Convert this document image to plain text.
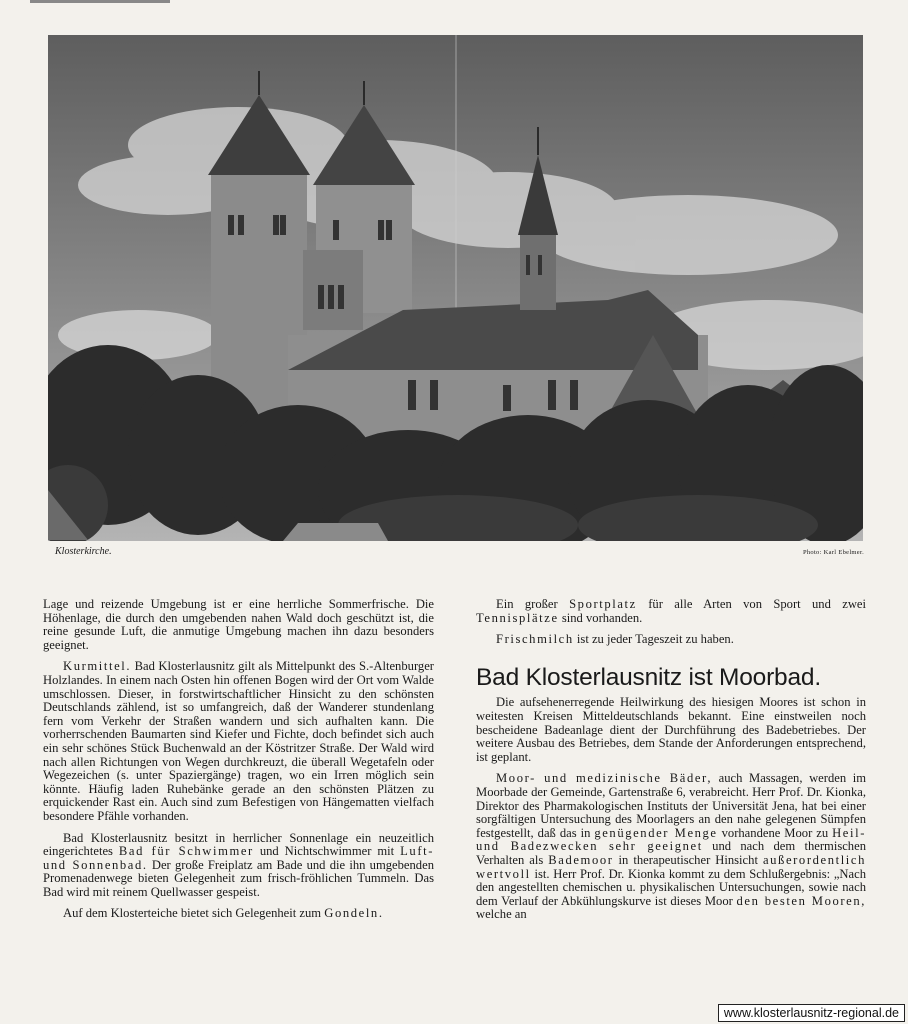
Klosterkirche.	Photo: Karl Ebelmer.

Lage und reizende Umgebung ist er eine herrliche Sommerfrische. Die Höhenlage, die durch den umgebenden nahen Wald doch geschützt ist, die reine gesunde Luft, die anmutige Umgebung machen ihn dazu besonders geeignet.

Kurmittel. Bad Klosterlausnitz gilt als Mittelpunkt des S.-Altenburger Holzlandes. In einem nach Osten hin offenen Bogen wird der Ort vom Walde umschlossen. Dieser, in forstwirtschaftlicher Hinsicht zu den schönsten Deutschlands zählend, ist so umfangreich, daß der Wanderer stundenlang fern vom Verkehr der Straßen wandern und sich aufhalten kann. Die vorherrschenden Baumarten sind Kiefer und Fichte, doch befindet sich auch ein sehr schönes Stück Buchenwald an der Köstritzer Straße. Der Wald wird nach allen Richtungen von Wegen durchkreuzt, die überall Wegetafeln oder Wegezeichen (s. unter Spaziergänge) tragen, wo ein Irren möglich sein könnte. Häufig laden Ruhebänke gerade an den schönsten Plätzen zu erquickender Rast ein. Auch sind zum Befestigen von Hängematten vielfach besondere Pfähle vorhanden.

Bad Klosterlausnitz besitzt in herrlicher Sonnenlage ein neuzeitlich eingerichtetes Bad für Schwimmer und Nichtschwimmer mit Luft- und Sonnenbad. Der große Freiplatz am Bade und die ihn umgebenden Promenadenwege bieten Gelegenheit zum frisch-fröhlichen Tummeln. Das Bad wird mit reinem Quellwasser gespeist.

Auf dem Klosterteiche bietet sich Gelegenheit zum Gondeln.

Ein großer Sportplatz für alle Arten von Sport und zwei Tennisplätze sind vorhanden.

Frischmilch ist zu jeder Tageszeit zu haben.

Bad Klosterlausnitz ist Moorbad.

Die aufsehenerregende Heilwirkung des hiesigen Moores ist schon in weitesten Kreisen Mitteldeutschlands bekannt. Eine einstweilen noch bescheidene Badeanlage dient der Durchführung des Badebetriebes. Der weitere Ausbau des Betriebes, dem Stande der Anforderungen entsprechend, ist geplant.

Moor- und medizinische Bäder, auch Massagen, werden im Moorbade der Gemeinde, Gartenstraße 6, verabreicht. Herr Prof. Dr. Kionka, Direktor des Pharmakologischen Instituts der Universität Jena, hat bei einer sorgfältigen Untersuchung des Moorlagers an den nahe gelegenen Sümpfen festgestellt, daß das in genügender Menge vorhandene Moor zu Heil- und Badezwecken sehr geeignet und nach dem thermischen Verhalten als Bademoor in therapeutischer Hinsicht außerordentlich wertvoll ist. Herr Prof. Dr. Kionka kommt zu dem Schlußergebnis: „Nach den angestellten chemischen u. physikalischen Untersuchungen, sowie nach dem Verlauf der Abkühlungskurve ist dieses Moor den besten Mooren, welche an

www.klosterlausnitz-regional.de
